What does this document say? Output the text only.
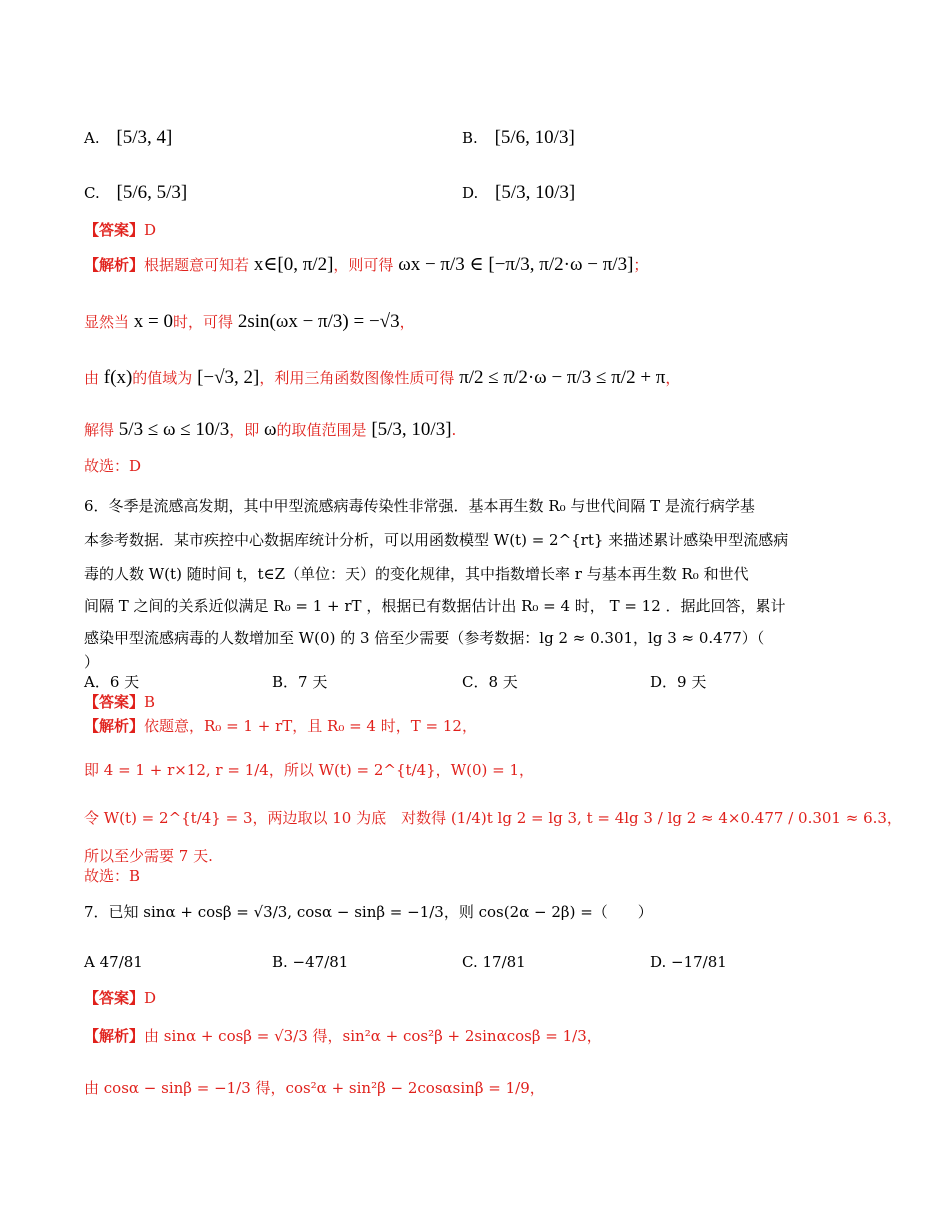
A. [5/3, 4]	B. [5/6, 10/3]
C. [5/6, 5/3]	D. [5/3, 10/3]
【答案】D
【解析】根据题意可知若 x∈[0, π/2]，则可得 ωx − π/3 ∈ [−π/3, π/2·ω − π/3]；
显然当 x = 0时，可得 2sin(ωx − π/3) = −√3，
由 f(x)的值域为 [−√3, 2]，利用三角函数图像性质可得 π/2 ≤ π/2·ω − π/3 ≤ π/2 + π，
解得 5/3 ≤ ω ≤ 10/3，即 ω的取值范围是 [5/3, 10/3].
故选：D
6．冬季是流感高发期，其中甲型流感病毒传染性非常强．基本再生数 R₀ 与世代间隔 T 是流行病学基
本参考数据．某市疾控中心数据库统计分析，可以用函数模型 W(t) = 2^{rt} 来描述累计感染甲型流感病
毒的人数 W(t) 随时间 t，t∈Z（单位：天）的变化规律，其中指数增长率 r 与基本再生数 R₀ 和世代
间隔 T 之间的关系近似满足 R₀ = 1 + rT ，根据已有数据估计出 R₀ = 4 时， T = 12 ．据此回答，累计
感染甲型流感病毒的人数增加至 W(0) 的 3 倍至少需要（参考数据：lg 2 ≈ 0.301，lg 3 ≈ 0.477）（
）
A．6 天	B．7 天	C．8 天	D．9 天
【答案】B
【解析】依题意，R₀ = 1 + rT，且 R₀ = 4 时，T = 12，
即 4 = 1 + r×12, r = 1/4，所以 W(t) = 2^{t/4}，W(0) = 1，
令 W(t) = 2^{t/4} = 3，两边取以 10 为底　对数得 (1/4)t lg 2 = lg 3, t = 4lg 3 / lg 2 ≈ 4×0.477 / 0.301 ≈ 6.3，
所以至少需要 7 天.
故选：B
7．已知 sinα + cosβ = √3/3, cosα − sinβ = −1/3，则 cos(2α − 2β) =（　　）
A 47/81	B. −47/81	C. 17/81	D. −17/81
【答案】D
【解析】由 sinα + cosβ = √3/3 得，sin²α + cos²β + 2sinαcosβ = 1/3，
由 cosα − sinβ = −1/3 得，cos²α + sin²β − 2cosαsinβ = 1/9，
